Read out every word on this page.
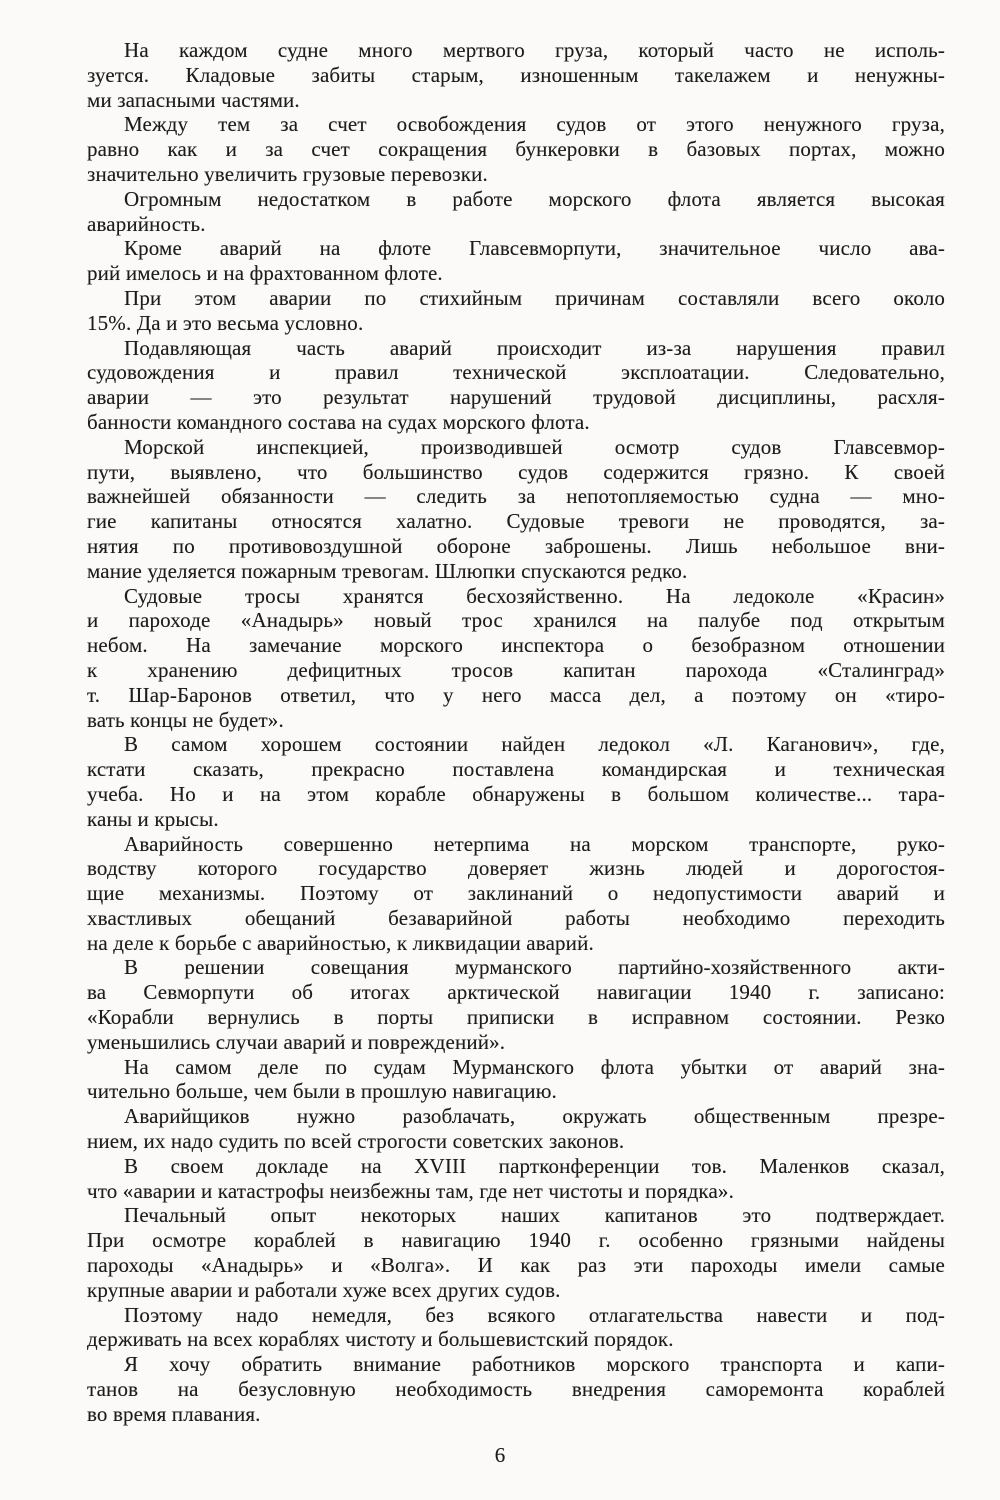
На каждом судне много мертвого груза, который часто не исполь-
зуется. Кладовые забиты старым, изношенным такелажем и ненужны-
ми запасными частями.

Между тем за счет освобождения судов от этого ненужного груза,
равно как и за счет сокращения бункеровки в базовых портах, можно
значительно увеличить грузовые перевозки.

Огромным недостатком в работе морского флота является высокая
аварийность.

Кроме аварий на флоте Главсевморпути, значительное число ава-
рий имелось и на фрахтованном флоте.

При этом аварии по стихийным причинам составляли всего около
15%. Да и это весьма условно.

Подавляющая часть аварий происходит из-за нарушения правил
судовождения и правил технической эксплоатации. Следовательно,
аварии — это результат нарушений трудовой дисциплины, расхля-
банности командного состава на судах морского флота.

Морской инспекцией, производившей осмотр судов Главсевмор-
пути, выявлено, что большинство судов содержится грязно. К своей
важнейшей обязанности — следить за непотопляемостью судна — мно-
гие капитаны относятся халатно. Судовые тревоги не проводятся, за-
нятия по противовоздушной обороне заброшены. Лишь небольшое вни-
мание уделяется пожарным тревогам. Шлюпки спускаются редко.

Судовые тросы хранятся бесхозяйственно. На ледоколе «Красин»
и пароходе «Анадырь» новый трос хранился на палубе под открытым
небом. На замечание морского инспектора о безобразном отношении
к хранению дефицитных тросов капитан парохода «Сталинград»
т. Шар-Баронов ответил, что у него масса дел, а поэтому он «тиро-
вать концы не будет».

В самом хорошем состоянии найден ледокол «Л. Каганович», где,
кстати сказать, прекрасно поставлена командирская и техническая
учеба. Но и на этом корабле обнаружены в большом количестве... тара-
каны и крысы.

Аварийность совершенно нетерпима на морском транспорте, руко-
водству которого государство доверяет жизнь людей и дорогостоя-
щие механизмы. Поэтому от заклинаний о недопустимости аварий и
хвастливых обещаний безаварийной работы необходимо переходить
на деле к борьбе с аварийностью, к ликвидации аварий.

В решении совещания мурманского партийно-хозяйственного акти-
ва Севморпути об итогах арктической навигации 1940 г. записано:
«Корабли вернулись в порты приписки в исправном состоянии. Резко
уменьшились случаи аварий и повреждений».

На самом деле по судам Мурманского флота убытки от аварий зна-
чительно больше, чем были в прошлую навигацию.

Аварийщиков нужно разоблачать, окружать общественным презре-
нием, их надо судить по всей строгости советских законов.

В своем докладе на XVIII партконференции тов. Маленков сказал,
что «аварии и катастрофы неизбежны там, где нет чистоты и порядка».

Печальный опыт некоторых наших капитанов это подтверждает.
При осмотре кораблей в навигацию 1940 г. особенно грязными найдены
пароходы «Анадырь» и «Волга». И как раз эти пароходы имели самые
крупные аварии и работали хуже всех других судов.

Поэтому надо немедля, без всякого отлагательства навести и под-
держивать на всех кораблях чистоту и большевистский порядок.

Я хочу обратить внимание работников морского транспорта и капи-
танов на безусловную необходимость внедрения саморемонта кораблей
во время плавания.

6
